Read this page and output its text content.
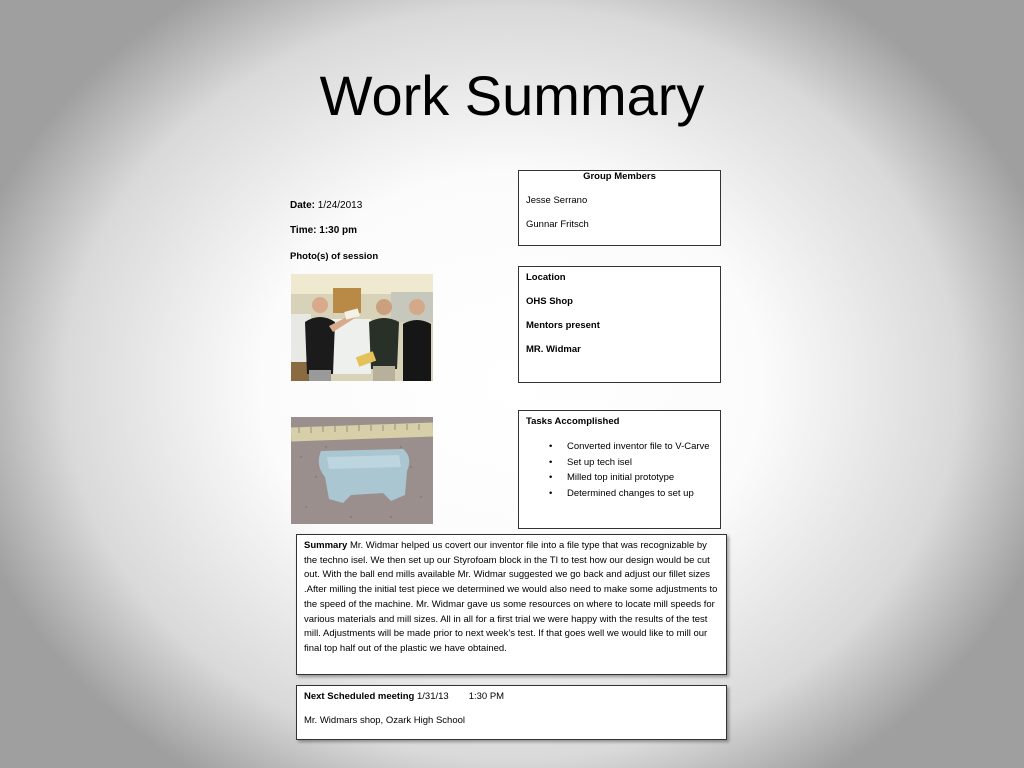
Work Summary
Date: 1/24/2013
Time: 1:30 pm
Photo(s) of session

Group Members

Jesse Serrano

Gunnar Fritsch

Location

OHS Shop

Mentors present

MR. Widmar

Tasks Accomplished

• Converted inventor file to V-Carve
• Set up tech isel
• Milled top initial prototype
• Determined changes to set up
Summary Mr. Widmar helped us covert our inventor file into a file type that was recognizable by the techno isel. We then set up our Styrofoam block in the TI to test how our design would be cut out. With the ball end mills available Mr. Widmar suggested we go back and adjust our fillet sizes .After milling the initial test piece we determined we would also need to make some adjustments to the speed of the machine. Mr. Widmar gave us some resources on where to locate mill speeds for various materials and mill sizes. All in all for a first trial we were happy with the results of the test mill. Adjustments will be made prior to next week’s test. If that goes well we would like to mill our final top half out of the plastic we have obtained.

Next Scheduled meeting 1/31/13 1:30 PM

Mr. Widmars shop, Ozark High School
